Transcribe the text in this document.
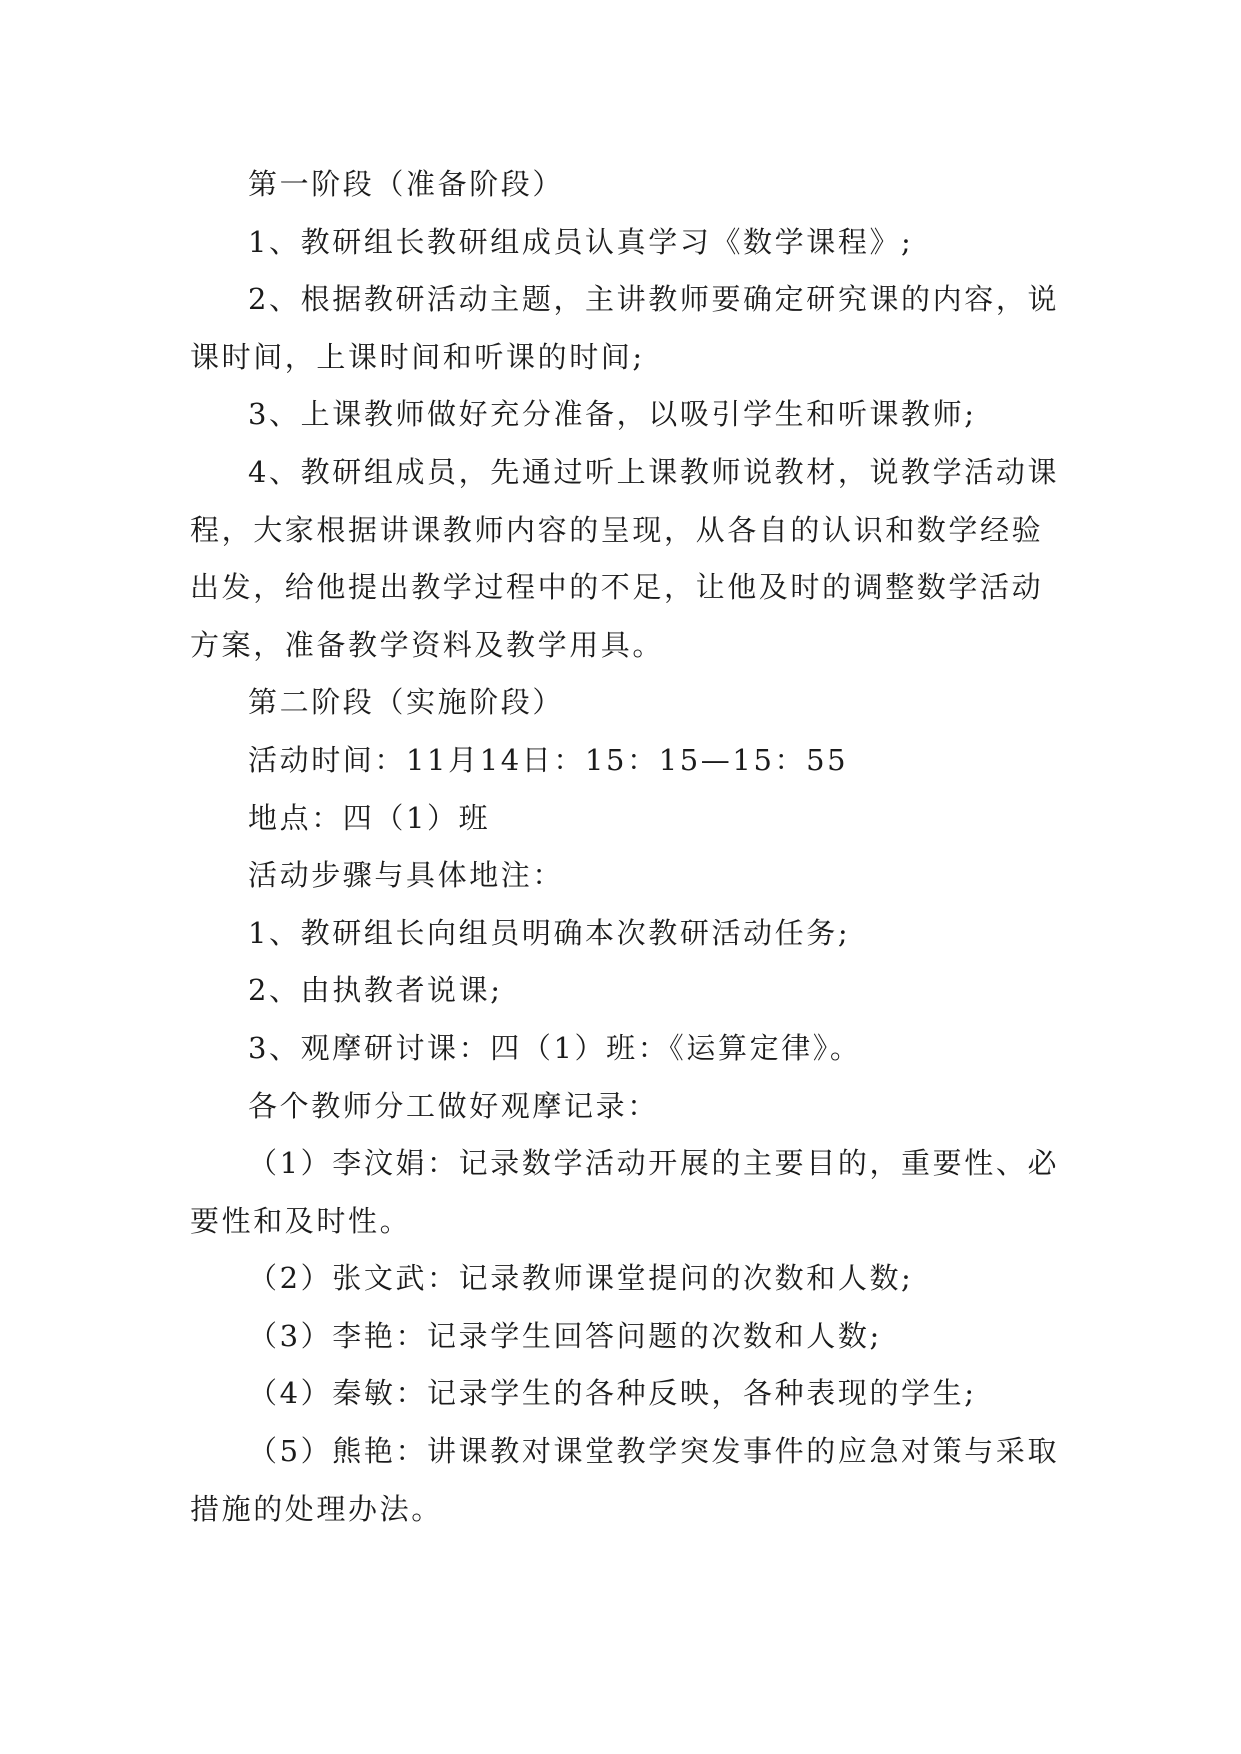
第一阶段（准备阶段）

1、教研组长教研组成员认真学习《数学课程》;

2、根据教研活动主题，主讲教师要确定研究课的内容，说课时间，上课时间和听课的时间;

3、上课教师做好充分准备，以吸引学生和听课教师;

4、教研组成员，先通过听上课教师说教材，说教学活动课程，大家根据讲课教师内容的呈现，从各自的认识和数学经验出发，给他提出教学过程中的不足，让他及时的调整数学活动方案，准备教学资料及教学用具。

第二阶段（实施阶段）

活动时间：11月14日：15：15—15：55

地点：四（1）班

活动步骤与具体地注：

1、教研组长向组员明确本次教研活动任务;

2、由执教者说课;

3、观摩研讨课：四（1）班：《运算定律》。

各个教师分工做好观摩记录：

（1）李汶娟：记录数学活动开展的主要目的，重要性、必要性和及时性。

（2）张文武：记录教师课堂提问的次数和人数;

（3）李艳：记录学生回答问题的次数和人数;

（4）秦敏：记录学生的各种反映，各种表现的学生;

（5）熊艳：讲课教对课堂教学突发事件的应急对策与采取措施的处理办法。
